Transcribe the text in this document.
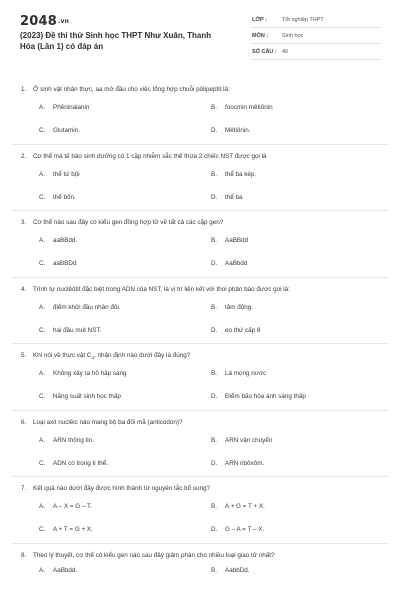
2048.vn
(2023) Đề thi thử Sinh học THPT Như Xuân, Thanh Hóa (Lần 1) có đáp án
LỚP :	Tốt nghiệp THPT
MÔN :	Sinh học
SỐ CÂU : 40
1. Ở sinh vật nhân thực, aa mở đầu cho việc tổng hợp chuỗi pôlipeptit là:
A. Phêninalanin	B. foocmin mêtiônin
C. Glutamin.	D. Mêtiônin.
2. Cơ thể mà tế bào sinh dưỡng có 1 cặp nhiễm sắc thể thừa 2 chiếc NST được gọi là
A. thể tứ bội	B. thể ba kép.
C. thể bốn.	D. thể ba
3. Cơ thể nào sau đây có kiểu gen đồng hợp tử về tất cả các cặp gen?
A. aaBBdd.	B. AaBBdd
C. aaBBDd	D. AaBbdd
4. Trình tự nuclêôtit đặc biệt trong ADN của NST, là vị trí liên kết với thoi phân bào được gọi là:
A. điểm khởi đầu nhân đôi.	B. tâm động.
C. hai đầu mút NST.	D. eo thứ cấp 8
5. Khi nói về thực vật $C_4$, nhận định nào dưới đây là đúng?
A. Không xảy ra hô hấp sáng	B. Lá mọng nước
C. Năng suất sinh học thấp	D. Điểm bão hòa ánh sáng thấp
6. Loại axit nuclêic nào mang bộ ba đối mã (anticodon)?
A. ARN thông tin.	B. ARN vận chuyển
C. ADN có trong ti thể.	D. ARN ribôxôm.
7. Kết quả nào dưới đây được hình thành từ nguyên tắc bổ sung?
A. A – X = G – T.	B. A + G = T + X.
C. A + T = G + X.	D. G – A = T – X.
8. Theo lý thuyết, cơ thể có kiểu gen nào sau đây giảm phân cho nhiều loại giao tử nhất?
A. AaBbdd.	B. AabbDd.
